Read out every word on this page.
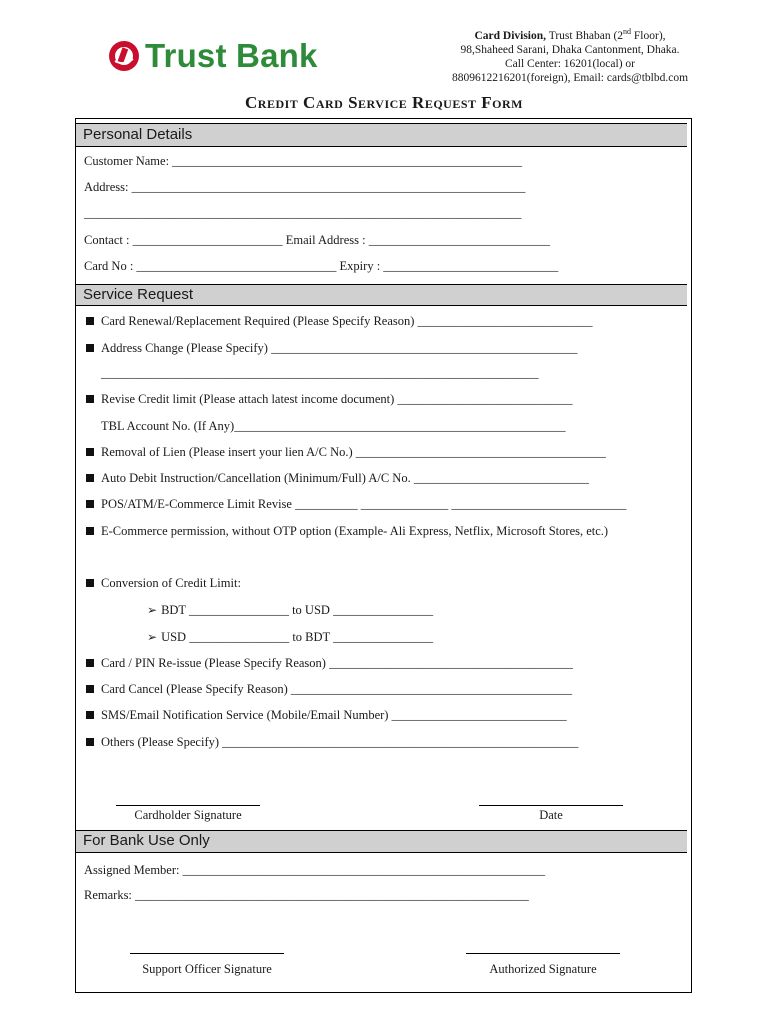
Trust Bank
Card Division, Trust Bhaban (2nd Floor),
98,Shaheed Sarani, Dhaka Cantonment, Dhaka.
Call Center: 16201(local) or
8809612216201(foreign), Email: cards@tblbd.com
Credit Card Service Request Form
Personal Details
Customer Name: ________________________________________________________
Address: _______________________________________________________________
______________________________________________________________________
Contact : ________________________ Email Address : _____________________________
Card No : ________________________________ Expiry : ____________________________
Service Request
Card Renewal/Replacement Required (Please Specify Reason) ____________________________
Address Change (Please Specify) _________________________________________________
______________________________________________________________________
Revise Credit limit (Please attach latest income document) ____________________________
TBL Account No. (If Any)_____________________________________________________
Removal of Lien (Please insert your lien A/C No.) ________________________________________
Auto Debit Instruction/Cancellation (Minimum/Full) A/C No. ____________________________
POS/ATM/E-Commerce Limit Revise __________ ______________ ____________________________
E-Commerce permission, without OTP option (Example- Ali Express, Netflix, Microsoft Stores, etc.)
Conversion of Credit Limit:
➢ BDT ________________ to USD ________________
➢ USD ________________ to BDT ________________
Card / PIN Re-issue (Please Specify Reason) _______________________________________
Card Cancel (Please Specify Reason) _____________________________________________
SMS/Email Notification Service (Mobile/Email Number) ____________________________
Others (Please Specify) _________________________________________________________
Cardholder Signature	Date
For Bank Use Only
Assigned Member: __________________________________________________________
Remarks: _______________________________________________________________
Support Officer Signature	Authorized Signature
